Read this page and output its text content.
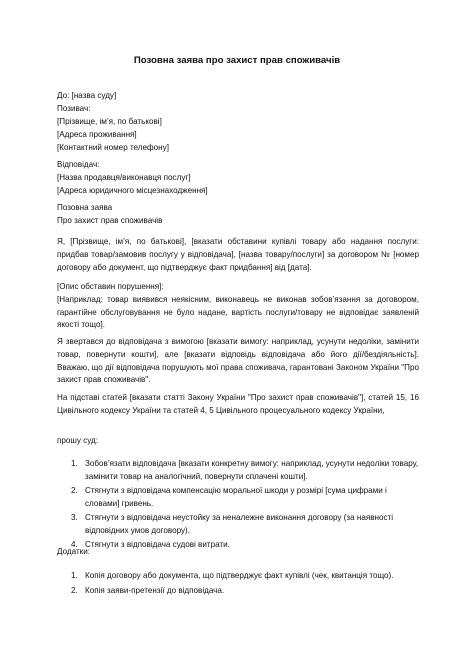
Позовна заява про захист прав споживачів
До: [назва суду]
Позивач:
[Прізвище, ім’я, по батькові]
[Адреса проживання]
[Контактний номер телефону]
Відповідач:
[Назва продавця/виконавця послуг]
[Адреса юридичного місцезнаходження]
Позовна заява
Про захист прав споживачів
Я, [Прізвище, ім’я, по батькові], [вказати обставини купівлі товару або надання послуги: придбав товар/замовив послугу у відповідача], [назва товару/послуги] за договором № [номер договору або документ, що підтверджує факт придбання] від [дата].
[Опис обставин порушення]:
[Наприклад: товар виявився неякісним, виконавець не виконав зобов’язання за договором, гарантійне обслуговування не було надане, вартість послуги/товару не відповідає заявленій якості тощо].
Я звертався до відповідача з вимогою [вказати вимогу: наприклад, усунути недоліки, замінити товар, повернути кошти], але [вказати відповідь відповідача або його дії/бездіяльність]. Вважаю, що дії відповідача порушують мої права споживача, гарантовані Законом України "Про захист прав споживачів".
На підставі статей [вказати статті Закону України "Про захист прав споживачів"], статей 15, 16 Цивільного кодексу України та статей 4, 5 Цивільного процесуального кодексу України,
прошу суд:
1. Зобов’язати відповідача [вказати конкретну вимогу: наприклад, усунути недоліки товару, замінити товар на аналогічний, повернути сплачені кошти].
2. Стягнути з відповідача компенсацію моральної шкоди у розмірі [сума цифрами і словами] гривень.
3. Стягнути з відповідача неустойку за неналежне виконання договору (за наявності відповідних умов договору).
4. Стягнути з відповідача судові витрати.
Додатки:
1. Копія договору або документа, що підтверджує факт купівлі (чек, квитанція тощо).
2. Копія заяви-претензії до відповідача.
